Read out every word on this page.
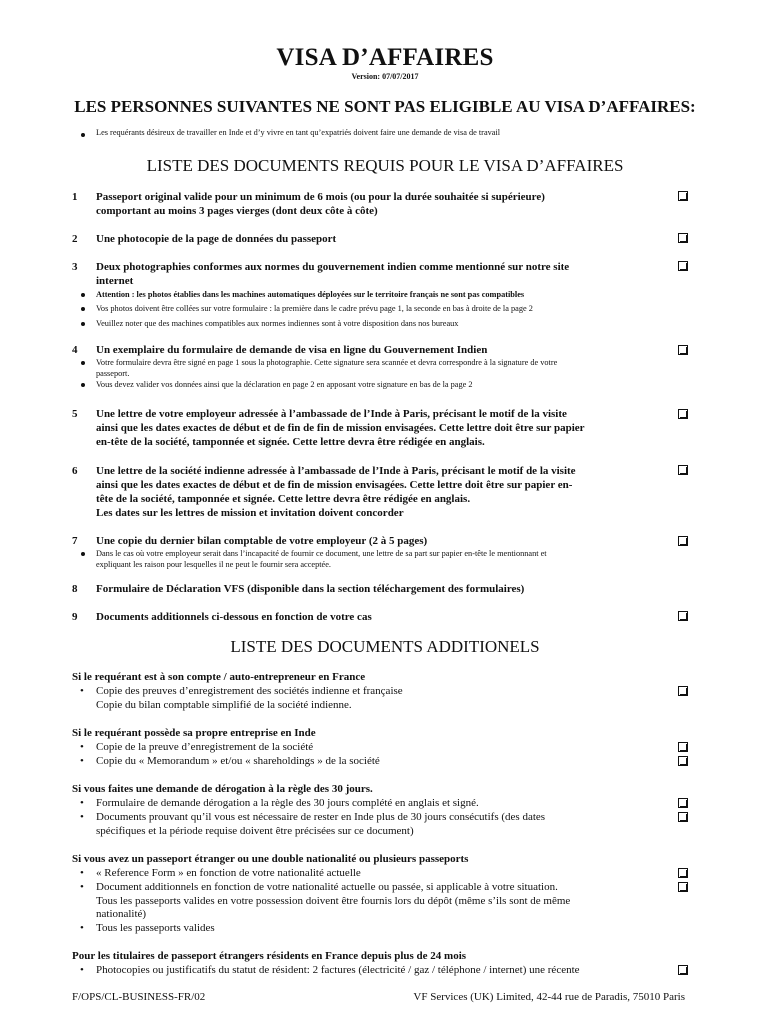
VISA D’AFFAIRES
Version: 07/07/2017
LES PERSONNES SUIVANTES NE SONT PAS ELIGIBLE AU VISA D’AFFAIRES:
Les requérants désireux de travailler en Inde et d’y vivre en tant qu’expatriés doivent faire une demande de visa de travail
LISTE DES DOCUMENTS REQUIS POUR LE VISA D’AFFAIRES
1 Passeport original valide pour un minimum de 6 mois (ou pour la durée souhaitée si supérieure)
comportant au moins 3 pages vierges (dont deux côte à côte)
2 Une photocopie de la page de données du passeport
3 Deux photographies conformes aux normes du gouvernement indien comme mentionné sur notre site
internet
Attention : les photos établies dans les machines automatiques déployées sur le territoire français ne sont pas compatibles
Vos photos doivent être collées sur votre formulaire : la première dans le cadre prévu page 1, la seconde en bas à droite de la page 2
Veuillez noter que des machines compatibles aux normes indiennes sont à votre disposition dans nos bureaux
4 Un exemplaire du formulaire de demande de visa en ligne du Gouvernement Indien
Votre formulaire devra être signé en page 1 sous la photographie. Cette signature sera scannée et devra correspondre à la signature de votre
passeport.
Vous devez valider vos données ainsi que la déclaration en page 2 en apposant votre signature en bas de la page 2
5 Une lettre de votre employeur adressée à l’ambassade de l’Inde à Paris, précisant le motif de la visite
ainsi que les dates exactes de début et de fin de fin de mission envisagées. Cette lettre doit être sur papier
en-tête de la société, tamponnée et signée. Cette lettre devra être rédigée en anglais.
6 Une lettre de la société indienne adressée à l’ambassade de l’Inde à Paris, précisant le motif de la visite
ainsi que les dates exactes de début et de fin de mission envisagées. Cette lettre doit être sur papier en-
tête de la société, tamponnée et signée. Cette lettre devra être rédigée en anglais.
Les dates sur les lettres de mission et invitation doivent concorder
7 Une copie du dernier bilan comptable de votre employeur (2 à 5 pages)
Dans le cas où votre employeur serait dans l’incapacité de fournir ce document, une lettre de sa part sur papier en-tête le mentionnant et
expliquant les raison pour lesquelles il ne peut le fournir sera acceptée.
8 Formulaire de Déclaration VFS (disponible dans la section téléchargement des formulaires)
9 Documents additionnels ci-dessous en fonction de votre cas
LISTE DES DOCUMENTS ADDITIONELS
Si le requérant est à son compte / auto-entrepreneur en France
• Copie des preuves d’enregistrement des sociétés indienne et française
Copie du bilan comptable simplifié de la société indienne.
Si le requérant possède sa propre entreprise en Inde
• Copie de la preuve d’enregistrement de la société
• Copie du « Memorandum » et/ou « shareholdings » de la société
Si vous faites une demande de dérogation à la règle des 30 jours.
• Formulaire de demande dérogation a la règle des 30 jours complété en anglais et signé.
• Documents prouvant qu’il vous est nécessaire de rester en Inde plus de 30 jours consécutifs (des dates
spécifiques et la période requise doivent être précisées sur ce document)
Si vous avez un passeport étranger ou une double nationalité ou plusieurs passeports
• « Reference Form » en fonction de votre nationalité actuelle
• Document additionnels en fonction de votre nationalité actuelle ou passée, si applicable à votre situation.
Tous les passeports valides en votre possession doivent être fournis lors du dépôt (même s’ils sont de même
nationalité)
• Tous les passeports valides
Pour les titulaires de passeport étrangers résidents en France depuis plus de 24 mois
• Photocopies ou justificatifs du statut de résident: 2 factures (électricité / gaz / téléphone / internet) une récente
F/OPS/CL-BUSINESS-FR/02	VF Services (UK) Limited, 42-44 rue de Paradis, 75010 Paris
